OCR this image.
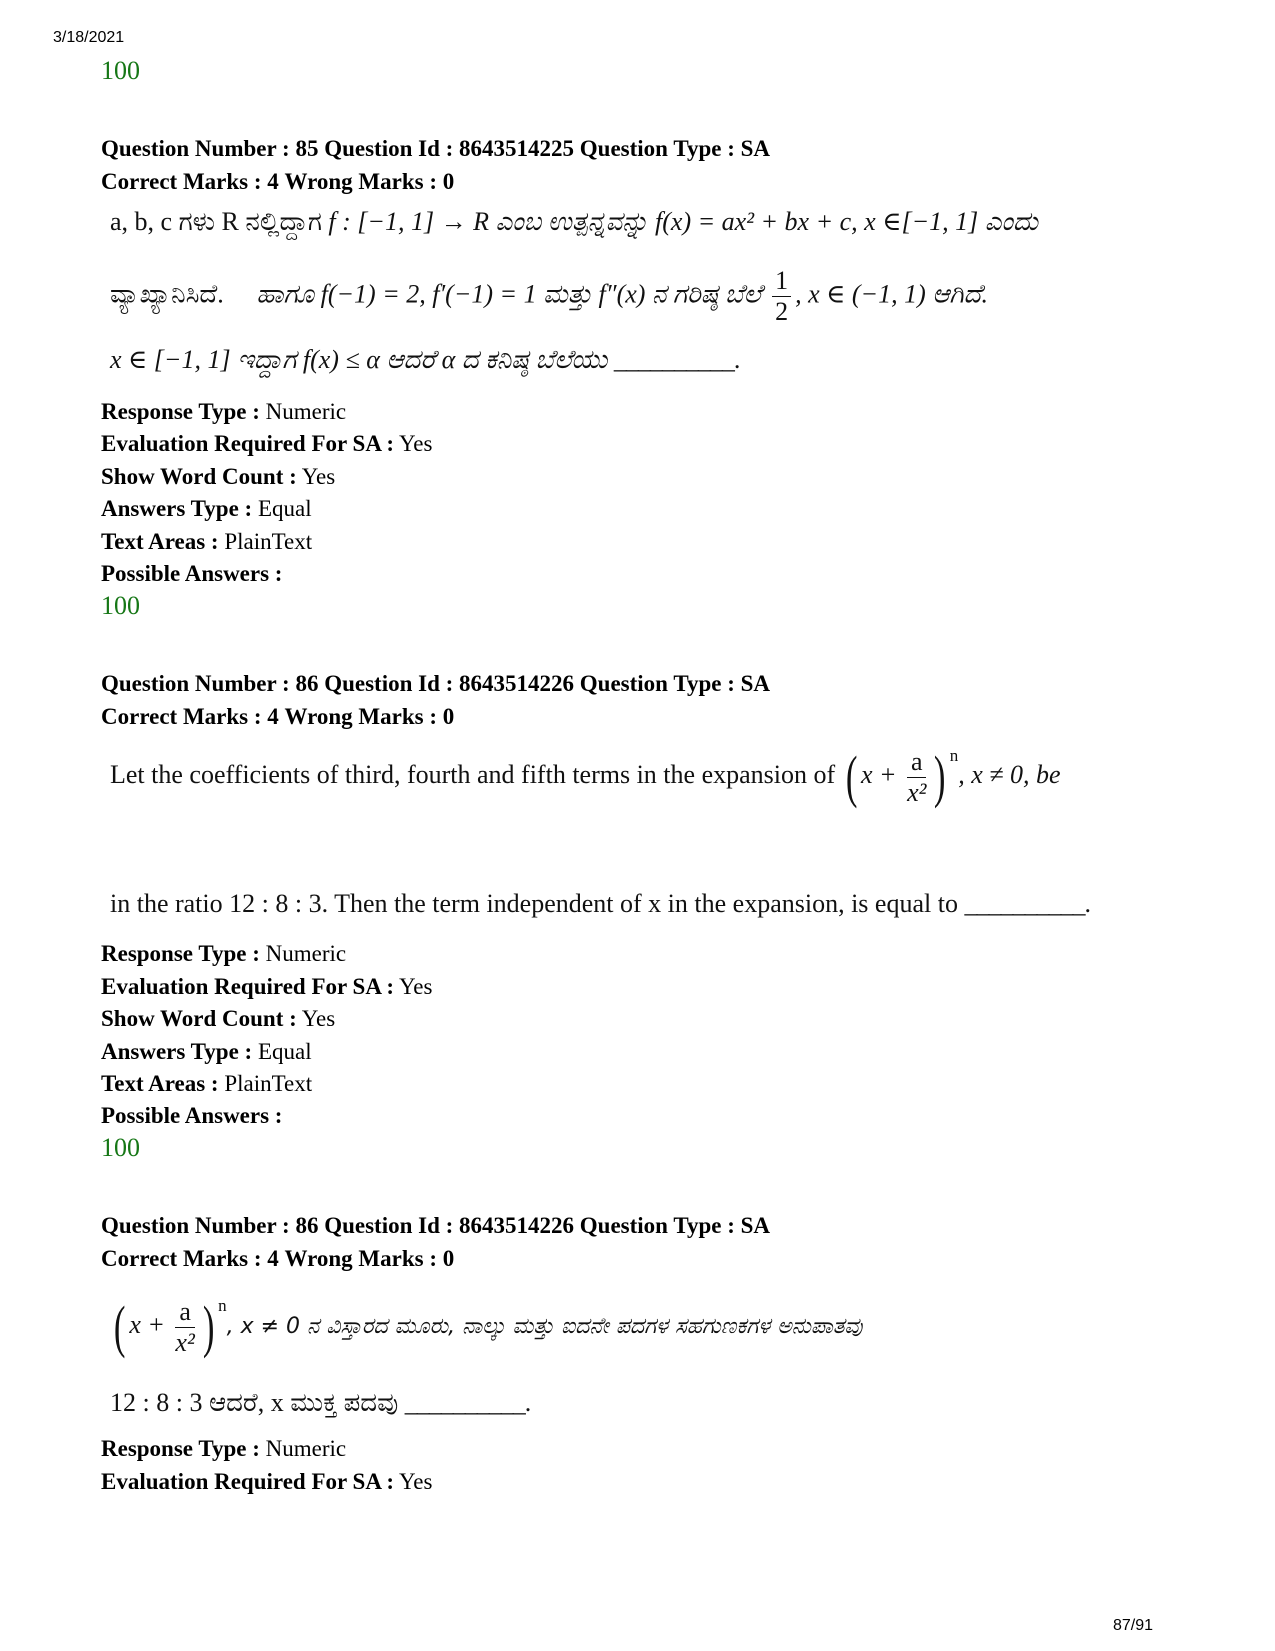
3/18/2021
87/91
100
Question Number : 85 Question Id : 8643514225 Question Type : SA
Correct Marks : 4 Wrong Marks : 0
a, b, c ಗಳು R ನಲ್ಲಿದ್ದಾಗ f : [−1, 1] → R ಎಂಬ ಉತ್ಪನ್ನವನ್ನು f(x) = ax² + bx + c, x ∈[−1, 1] ಎಂದು
ವ್ಯಾಖ್ಯಾನಿಸಿದೆ. ಹಾಗೂ f(−1) = 2, f′(−1) = 1 ಮತ್ತು f″(x) ನ ಗರಿಷ್ಠ ಬೆಲೆ $\frac{1}{2}$ , x ∈ (−1, 1) ಆಗಿದೆ.
x ∈ [−1, 1] ಇದ್ದಾಗ f(x) ≤ α ಆದರೆ α ದ ಕನಿಷ್ಠ ಬೆಲೆಯು __________.
Response Type : Numeric
Evaluation Required For SA : Yes
Show Word Count : Yes
Answers Type : Equal
Text Areas : PlainText
Possible Answers :
100
Question Number : 86 Question Id : 8643514226 Question Type : SA
Correct Marks : 4 Wrong Marks : 0
Let the coefficients of third, fourth and fifth terms in the expansion of ( $x + \frac{a}{\text{x²}}$ ) $^n$, x ≠ 0, be
in the ratio 12 : 8 : 3. Then the term independent of x in the expansion, is equal to __________.
Response Type : Numeric
Evaluation Required For SA : Yes
Show Word Count : Yes
Answers Type : Equal
Text Areas : PlainText
Possible Answers :
100
Question Number : 86 Question Id : 8643514226 Question Type : SA
Correct Marks : 4 Wrong Marks : 0
( $x + \frac{a}{\text{x²}}$ ) $^n$, x ≠ 0 ನ ವಿಸ್ತಾರದ ಮೂರು, ನಾಲ್ಕು ಮತ್ತು ಐದನೇ ಪದಗಳ ಸಹಗುಣಕಗಳ ಅನುಪಾತವು
12 : 8 : 3 ಆದರೆ, x ಮುಕ್ತ ಪದವು __________.
Response Type : Numeric
Evaluation Required For SA : Yes
